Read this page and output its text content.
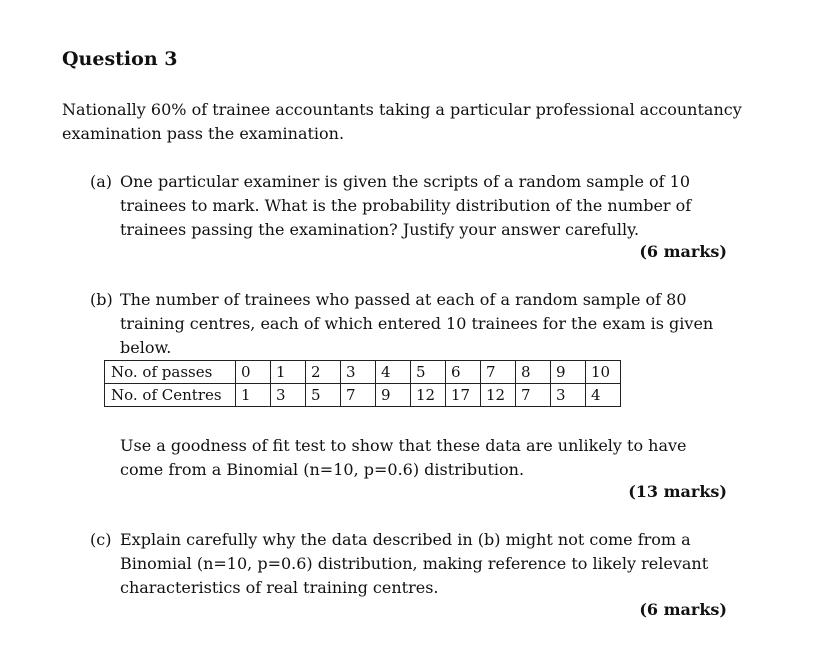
Question 3

Nationally 60% of trainee accountants taking a particular professional accountancy examination pass the examination.

(a) One particular examiner is given the scripts of a random sample of 10 trainees to mark. What is the probability distribution of the number of trainees passing the examination? Justify your answer carefully.

(6 marks)

(b) The number of trainees who passed at each of a random sample of 80 training centres, each of which entered 10 trainees for the exam is given below.
No. of passes	0	1	2	3	4	5	6	7	8	9	10
No. of Centres	1	3	5	7	9	12	17	12	7	3	4

Use a goodness of fit test to show that these data are unlikely to have come from a Binomial (n=10, p=0.6) distribution.

(13 marks)

(c) Explain carefully why the data described in (b) might not come from a Binomial (n=10, p=0.6) distribution, making reference to likely relevant characteristics of real training centres.

(6 marks)
